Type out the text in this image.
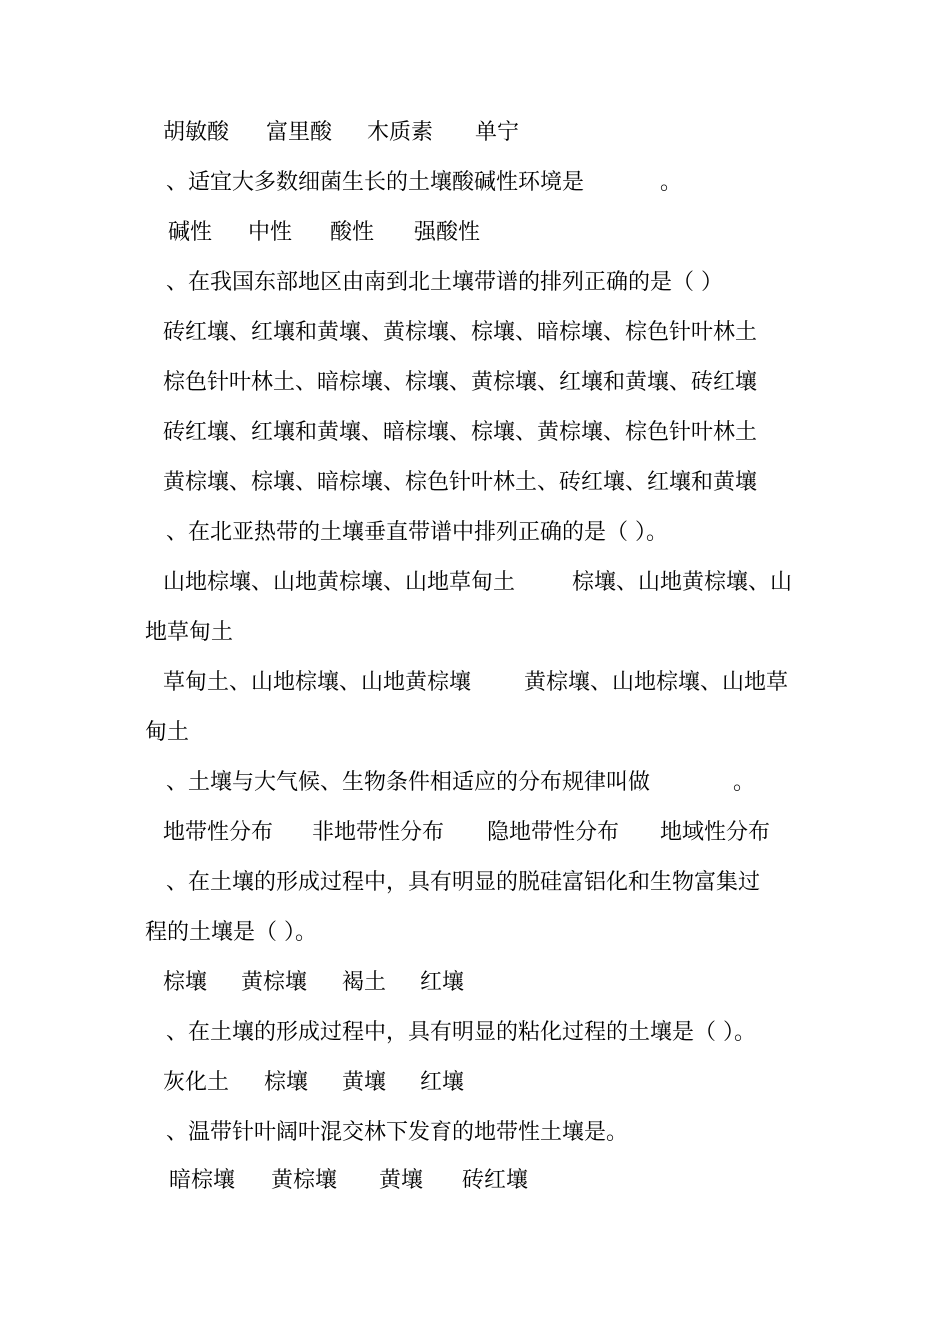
胡敏酸 富里酸 木质素 单宁
、适宜大多数细菌生长的土壤酸碱性环境是	。
碱性 中性 酸性 强酸性
、在我国东部地区由南到北土壤带谱的排列正确的是（ ）
砖红壤、红壤和黄壤、黄棕壤、棕壤、暗棕壤、棕色针叶林土
棕色针叶林土、暗棕壤、棕壤、黄棕壤、红壤和黄壤、砖红壤
砖红壤、红壤和黄壤、暗棕壤、棕壤、黄棕壤、棕色针叶林土
黄棕壤、棕壤、暗棕壤、棕色针叶林土、砖红壤、红壤和黄壤
、在北亚热带的土壤垂直带谱中排列正确的是（ ）。
山地棕壤、山地黄棕壤、山地草甸土	棕壤、山地黄棕壤、山
地草甸土
草甸土、山地棕壤、山地黄棕壤 黄棕壤、山地棕壤、山地草
甸土
、土壤与大气候、生物条件相适应的分布规律叫做	。
地带性分布 非地带性分布 隐地带性分布 地域性分布
、在土壤的形成过程中，具有明显的脱硅富铝化和生物富集过
程的土壤是（ ）。
棕壤 黄棕壤 褐土 红壤
、在土壤的形成过程中，具有明显的粘化过程的土壤是（ ）。
灰化土 棕壤 黄壤 红壤
、温带针叶阔叶混交林下发育的地带性土壤是。
暗棕壤 黄棕壤 黄壤 砖红壤
